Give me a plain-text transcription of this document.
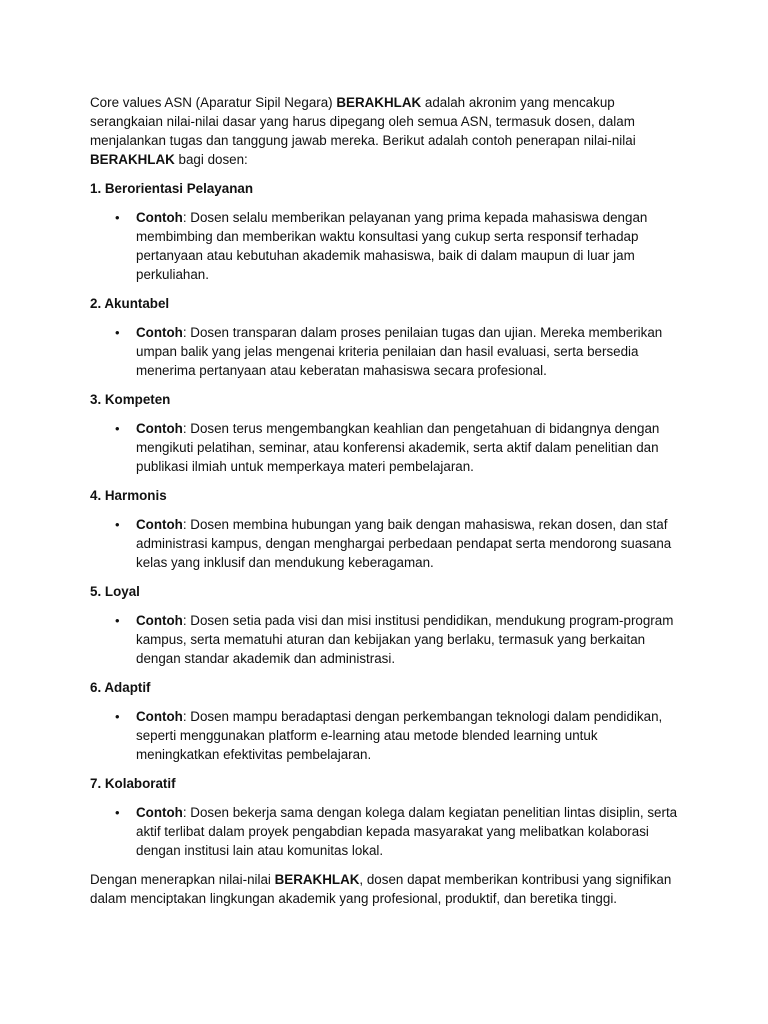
Core values ASN (Aparatur Sipil Negara) BERAKHLAK adalah akronim yang mencakup serangkaian nilai-nilai dasar yang harus dipegang oleh semua ASN, termasuk dosen, dalam menjalankan tugas dan tanggung jawab mereka. Berikut adalah contoh penerapan nilai-nilai BERAKHLAK bagi dosen:

1. Berorientasi Pelayanan

• Contoh: Dosen selalu memberikan pelayanan yang prima kepada mahasiswa dengan membimbing dan memberikan waktu konsultasi yang cukup serta responsif terhadap pertanyaan atau kebutuhan akademik mahasiswa, baik di dalam maupun di luar jam perkuliahan.

2. Akuntabel

• Contoh: Dosen transparan dalam proses penilaian tugas dan ujian. Mereka memberikan umpan balik yang jelas mengenai kriteria penilaian dan hasil evaluasi, serta bersedia menerima pertanyaan atau keberatan mahasiswa secara profesional.

3. Kompeten

• Contoh: Dosen terus mengembangkan keahlian dan pengetahuan di bidangnya dengan mengikuti pelatihan, seminar, atau konferensi akademik, serta aktif dalam penelitian dan publikasi ilmiah untuk memperkaya materi pembelajaran.

4. Harmonis

• Contoh: Dosen membina hubungan yang baik dengan mahasiswa, rekan dosen, dan staf administrasi kampus, dengan menghargai perbedaan pendapat serta mendorong suasana kelas yang inklusif dan mendukung keberagaman.

5. Loyal

• Contoh: Dosen setia pada visi dan misi institusi pendidikan, mendukung program-program kampus, serta mematuhi aturan dan kebijakan yang berlaku, termasuk yang berkaitan dengan standar akademik dan administrasi.

6. Adaptif

• Contoh: Dosen mampu beradaptasi dengan perkembangan teknologi dalam pendidikan, seperti menggunakan platform e-learning atau metode blended learning untuk meningkatkan efektivitas pembelajaran.

7. Kolaboratif

• Contoh: Dosen bekerja sama dengan kolega dalam kegiatan penelitian lintas disiplin, serta aktif terlibat dalam proyek pengabdian kepada masyarakat yang melibatkan kolaborasi dengan institusi lain atau komunitas lokal.

Dengan menerapkan nilai-nilai BERAKHLAK, dosen dapat memberikan kontribusi yang signifikan dalam menciptakan lingkungan akademik yang profesional, produktif, dan beretika tinggi.
